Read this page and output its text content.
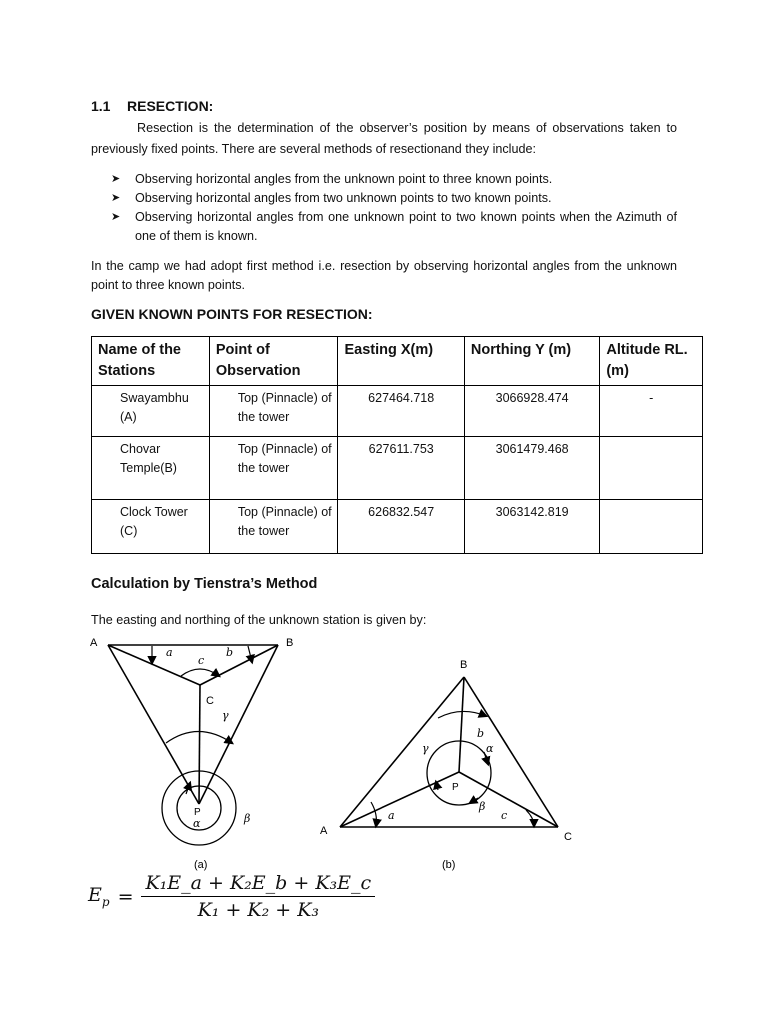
1.1 RESECTION:
Resection is the determination of the observer’s position by means of observations taken to previously fixed points. There are several methods of resectionand they include:
➤ Observing horizontal angles from the unknown point to three known points.
➤ Observing horizontal angles from two unknown points to two known points.
➤ Observing horizontal angles from one unknown point to two known points when the Azimuth of one of them is known.
In the camp we had adopt first method i.e. resection by observing horizontal angles from the unknown point to three known points.
GIVEN KNOWN POINTS FOR RESECTION:
Name of the Stations	Point of Observation	Easting X(m)	Northing Y (m)	Altitude RL. (m)
Swayambhu (A)	Top (Pinnacle) of the tower	627464.718	3066928.474	-
Chovar Temple(B)	Top (Pinnacle) of the tower	627611.753	3061479.468	
Clock Tower (C)	Top (Pinnacle) of the tower	626832.547	3063142.819	
Calculation by Tienstra’s Method
The easting and northing of the unknown station is given by:
A	B
C
P
a	b
c
γ
α	β
(a)
A
B
C
P
a
b
c
γ	α
β
(b)
$E_p = \frac{\text{K₁E\_a + K₂E\_b + K₃E\_c}}{\text{K₁ + K₂ + K₃}}$
